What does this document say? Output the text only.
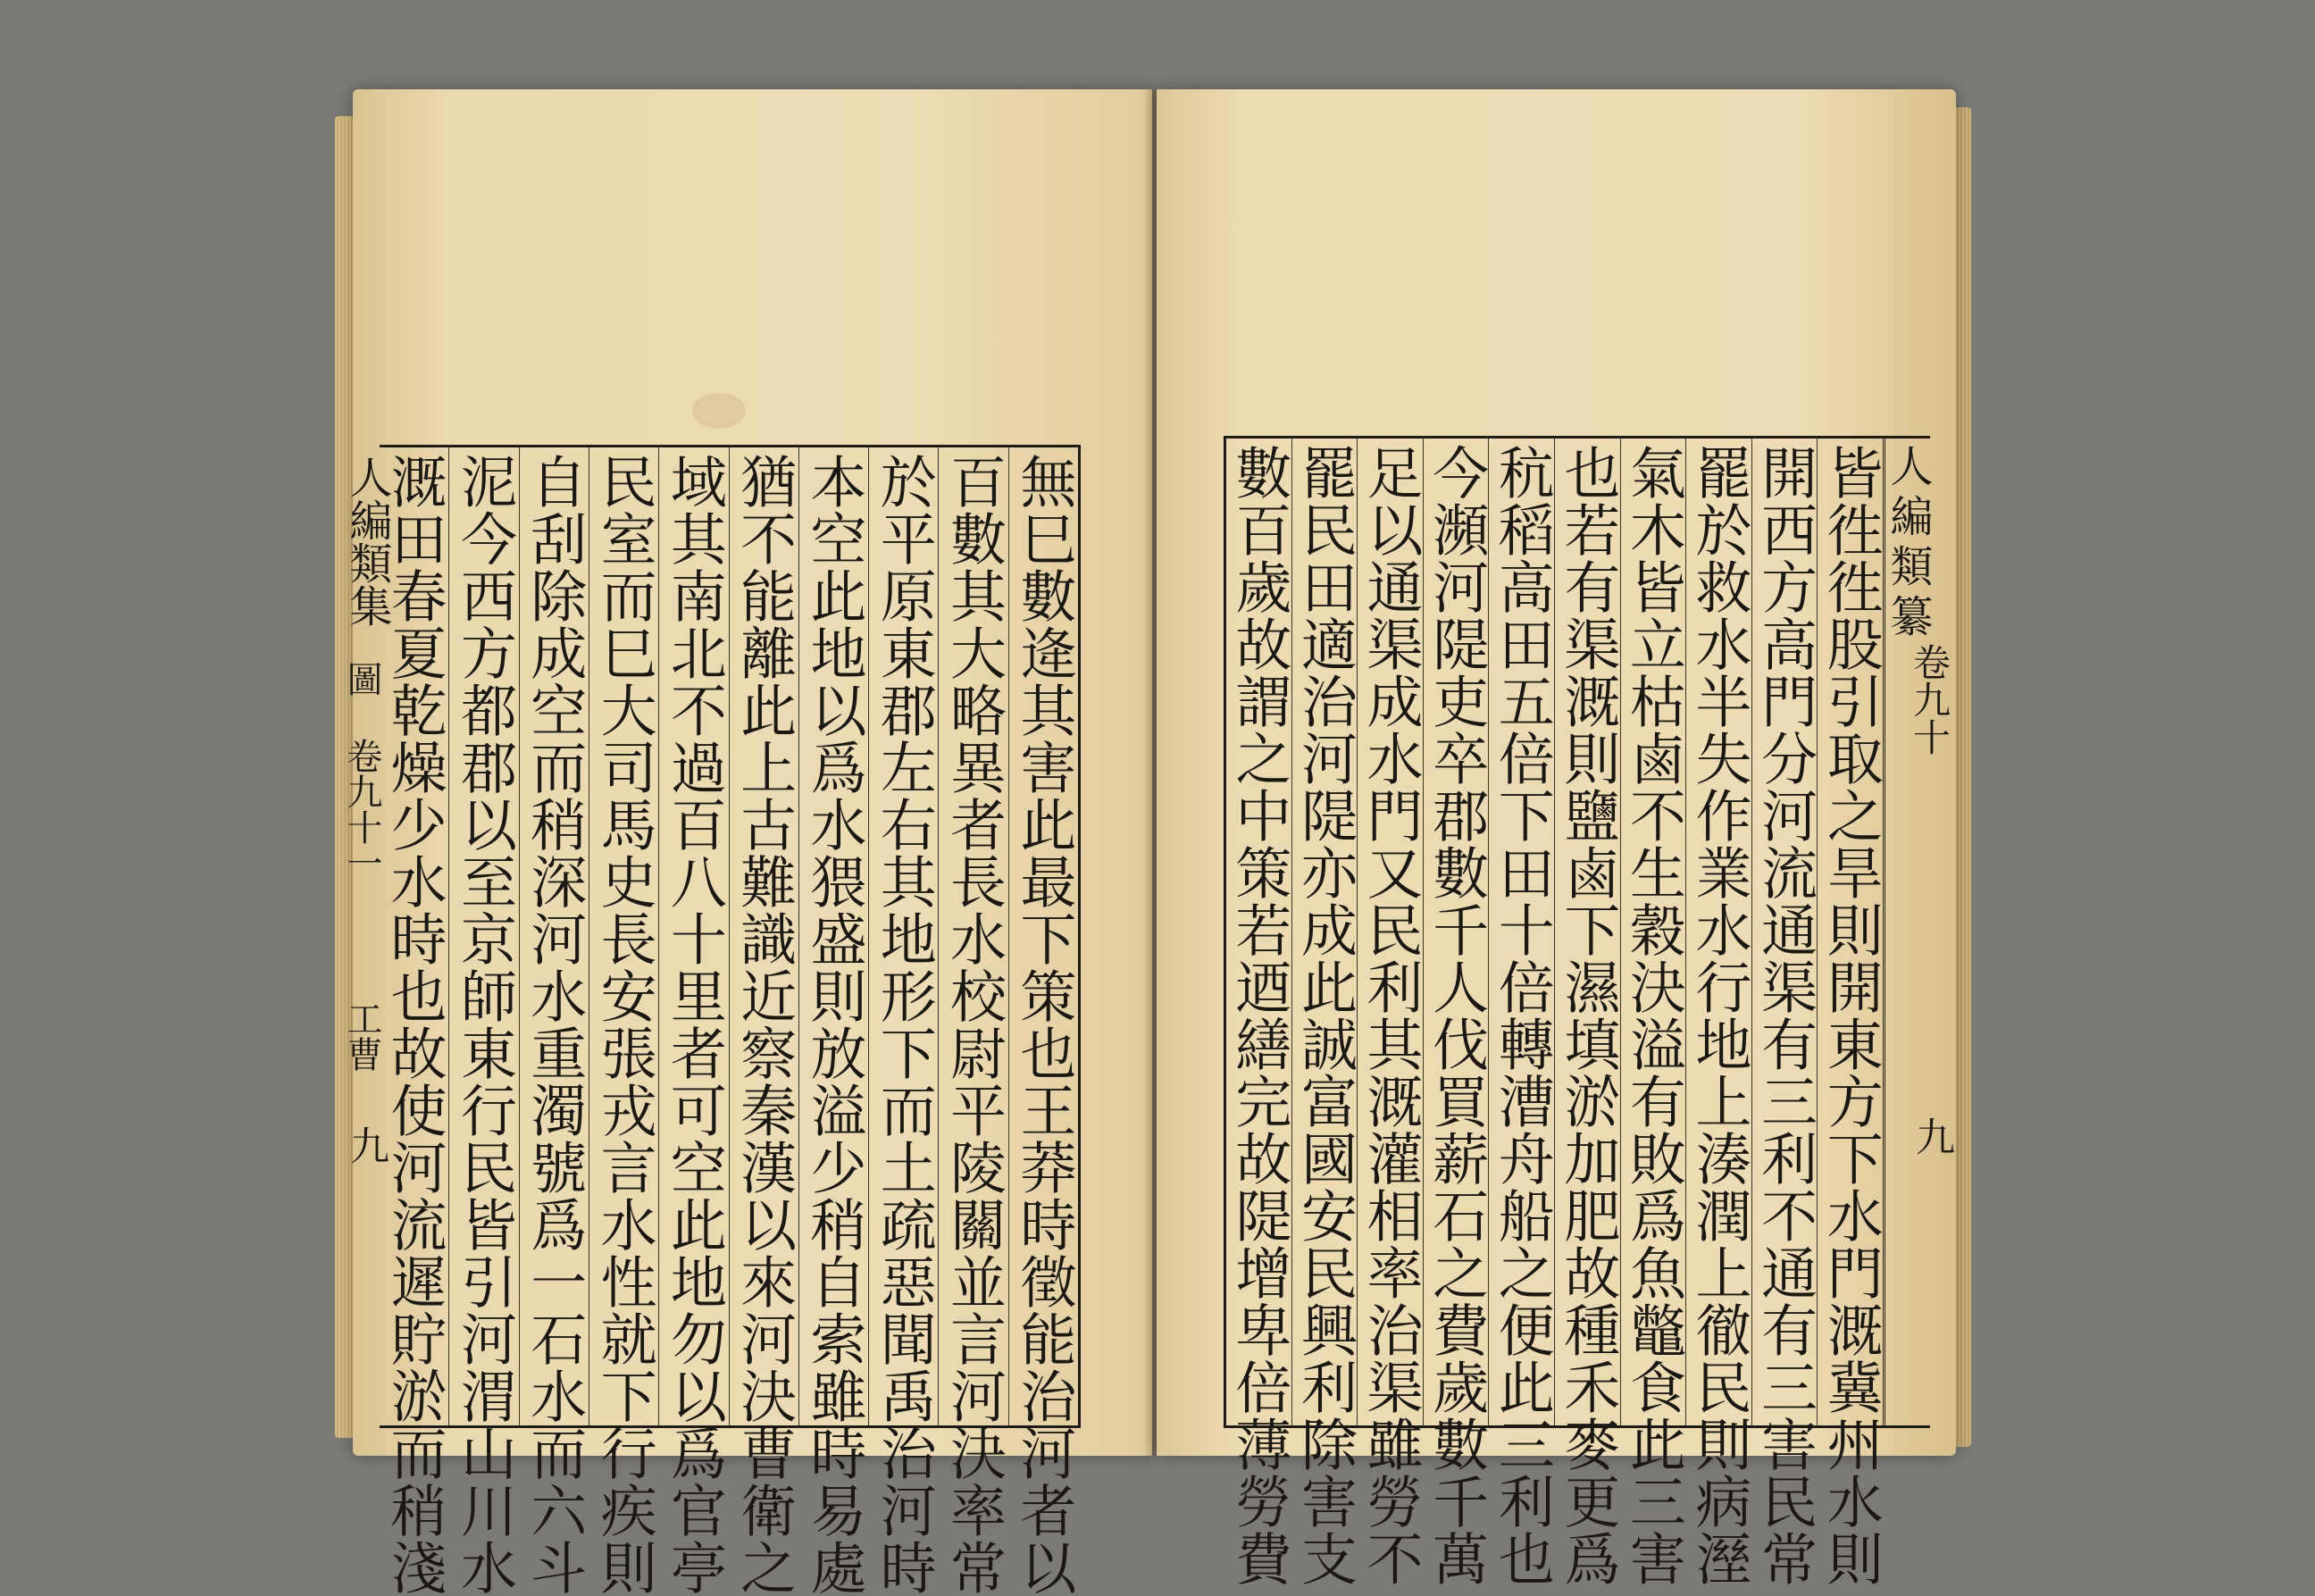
無巳數逄其害此最下策也王莽時徵能治河者以
百數其大略異者長水校尉平陵關並言河決率常
於平原東郡左右其地形下而土疏惡聞禹治河時
本空此地以爲水猥盛則放溢少稍自索雖時易處
猶不能離此上古難識近察秦漢以來河決曹衛之
域其南北不過百八十里者可空此地勿以爲官亭
民室而巳大司馬史長安張戎言水性就下行疾則
自刮除成空而稍深河水重濁號爲一石水而六斗
泥今西方都郡以至京師東行民皆引河渭山川水
溉田春夏乾燥少水時也故使河流遲貯淤而稍淺
人編類集
圖 卷九十一
工曹
九
人編類纂
皆徃徃股引取之旱則開東方下水門溉冀州水則
開西方高門分河流通渠有三利不通有三害民常
罷於救水半失作業水行地上湊潤上徹民則病溼
氣木皆立枯鹵不生穀決溢有敗爲魚鼈食此三害
也若有渠溉則鹽鹵下濕填淤加肥故種禾麥更爲
秔稻高田五倍下田十倍轉漕舟船之便此三利也
今瀕河隄吏卒郡數千人伐買薪石之費歲數千萬
足以通渠成水門又民利其溉灌相率治渠雖勞不
罷民田適治河隄亦成此誠富國安民興利除害支
數百歲故謂之中策若迺繕完故隄增卑倍薄勞費	卷九十
九
